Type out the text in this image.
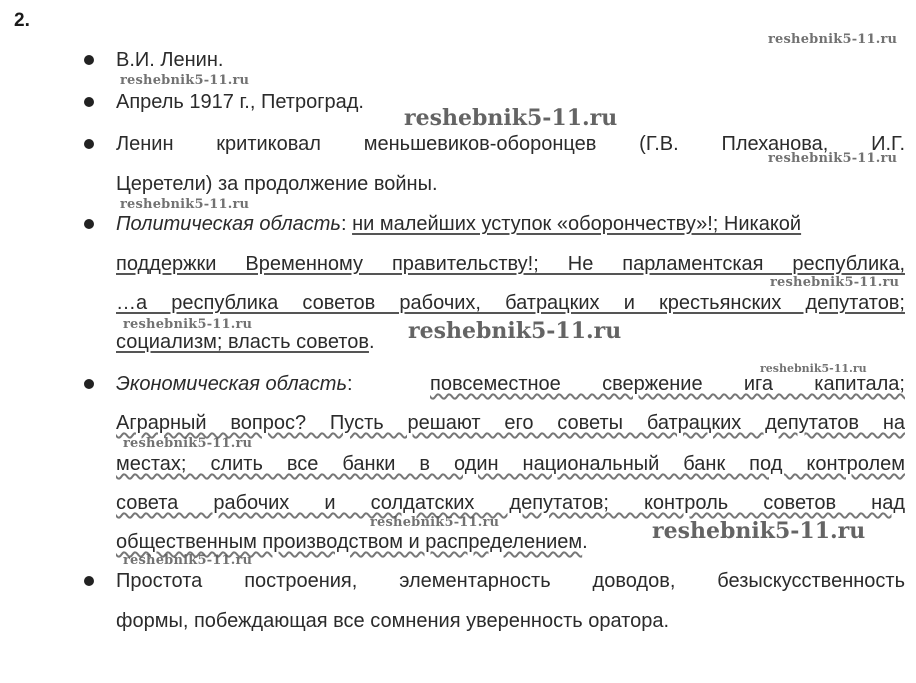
2.
В.И. Ленин.
Апрель 1917 г., Петроград.
Ленин критиковал меньшевиков-оборонцев (Г.В. Плеханова, И.Г.
Церетели) за продолжение войны.
Политическая область: ни малейших уступок «оборончеству»!; Никакой
поддержки Временному правительству!; Не парламентская республика,
…а республика советов рабочих, батрацких и крестьянских депутатов;
социализм; власть советов.
Экономическая область:	повсеместное свержение ига капитала;
Аграрный вопрос? Пусть решают его советы батрацких депутатов на
местах; слить все банки в один национальный банк под контролем
совета рабочих и солдатских депутатов; контроль советов над
общественным производством и распределением.
Простота построения, элементарность доводов, безыскусственность
формы, побеждающая все сомнения уверенность оратора.
reshebnik5-11.ru
reshebnik5-11.ru
reshebnik5-11.ru
reshebnik5-11.ru
reshebnik5-11.ru
reshebnik5-11.ru
reshebnik5-11.ru	reshebnik5-11.ru
reshebnik5-11.ru
reshebnik5-11.ru
reshebnik5-11.ru	reshebnik5-11.ru
reshebnik5-11.ru
